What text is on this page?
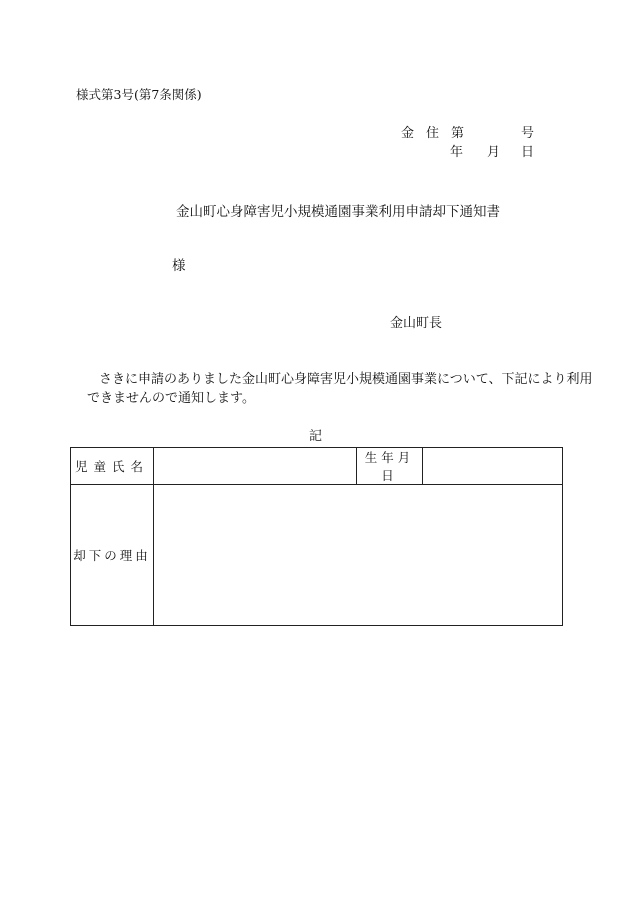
様式第3号(第7条関係)
金 住 第	号
年 月 日
金山町心身障害児小規模通園事業利用申請却下通知書
様
金山町長
さきに申請のありました金山町心身障害児小規模通園事業について、下記により利用
できませんので通知します。
記
児童氏名		生年月日	
却下の理由			
